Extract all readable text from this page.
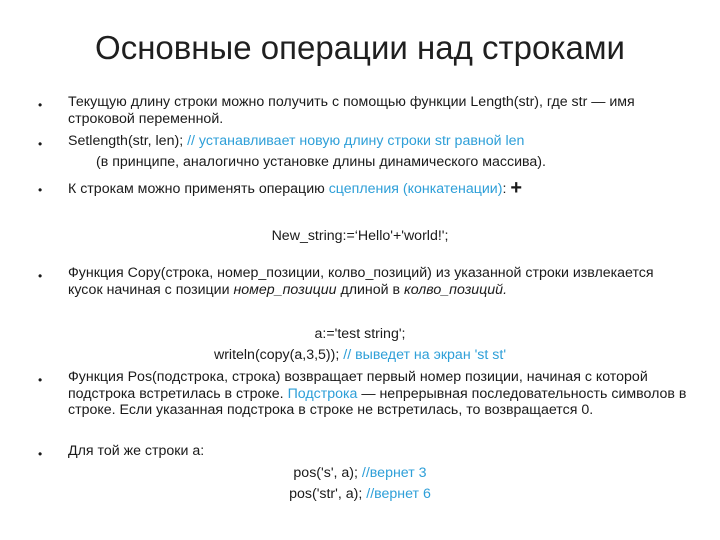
Основные операции над строками
• Текущую длину строки можно получить с помощью функции Length(str), где str — имя строковой переменной.
• Setlength(str, len); // устанавливает новую длину строки str равной len
(в принципе, аналогично установке длины динамического массива).
• К строкам можно применять операцию сцепления (конкатенации): +
New_string:=‘Hello'+'world!';
• Функция Copy(строка, номер_позиции, колво_позиций) из указанной строки извлекается кусок начиная с позиции номер_позиции длиной в колво_позиций.
a:='test string';
writeln(copy(a,3,5)); // выведет на экран 'st st'
• Функция Pos(подстрока, строка) возвращает первый номер позиции, начиная с которой подстрока встретилась в строке. Подстрока — непрерывная последовательность символов в строке. Если указанная подстрока в строке не встретилась, то возвращается 0.
• Для той же строки a:
pos('s', a); //вернет 3
pos('str', a); //вернет 6
